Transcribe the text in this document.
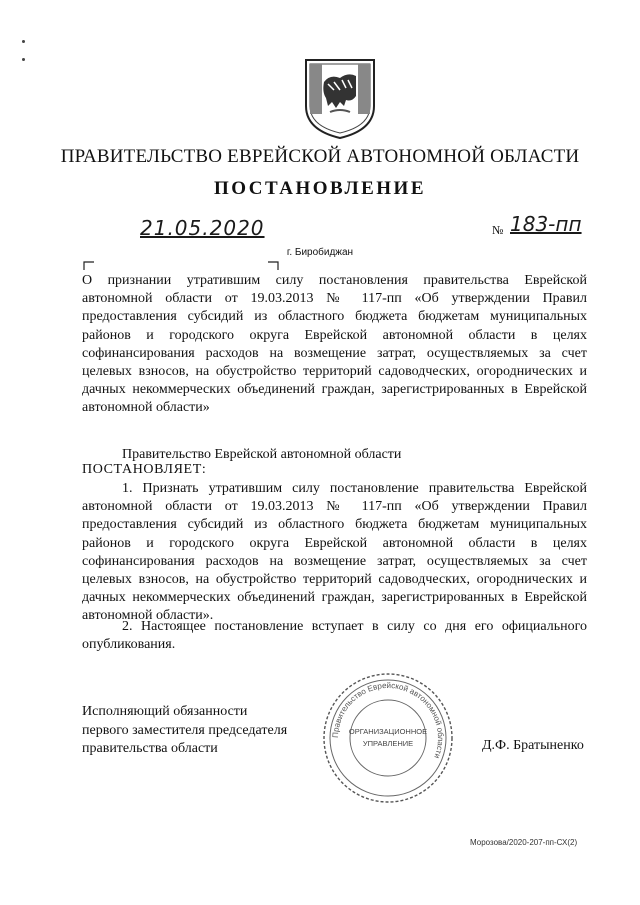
ПРАВИТЕЛЬСТВО ЕВРЕЙСКОЙ АВТОНОМНОЙ ОБЛАСТИ
ПОСТАНОВЛЕНИЕ
21.05.2020	№ 183-пп
г. Биробиджан
О признании утратившим силу постановления правительства Еврейской автономной области от 19.03.2013 № 117-пп «Об утверждении Правил предоставления субсидий из областного бюджета бюджетам муниципальных районов и городского округа Еврейской автономной области в целях софинансирования расходов на возмещение затрат, осуществляемых за счет целевых взносов, на обустройство территорий садоводческих, огороднических и дачных некоммерческих объединений граждан, зарегистрированных в Еврейской автономной области»
Правительство Еврейской автономной области
ПОСТАНОВЛЯЕТ:
1. Признать утратившим силу постановление правительства Еврейской автономной области от 19.03.2013 № 117-пп «Об утверждении Правил предоставления субсидий из областного бюджета бюджетам муниципальных районов и городского округа Еврейской автономной области в целях софинансирования расходов на возмещение затрат, осуществляемых за счет целевых взносов, на обустройство территорий садоводческих, огороднических и дачных некоммерческих объединений граждан, зарегистрированных в Еврейской автономной области».
2. Настоящее постановление вступает в силу со дня его официального опубликования.
Исполняющий обязанности
первого заместителя председателя
правительства области
Правительство Еврейской автономной области
ОРГАНИЗАЦИОННОЕ
УПРАВЛЕНИЕ	Д.Ф. Братыненко
Морозова/2020-207-пп-СХ(2)
